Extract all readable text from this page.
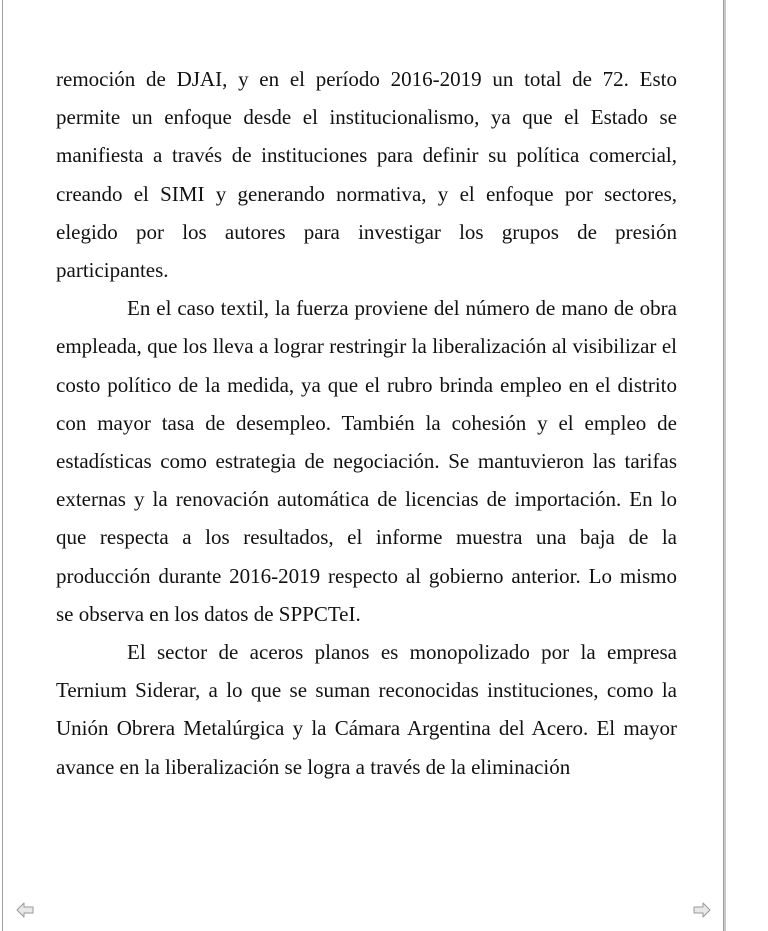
remoción de DJAI, y en el período 2016-2019 un total de 72. Esto permite un enfoque desde el institucionalismo, ya que el Estado se manifiesta a través de instituciones para definir su política comercial, creando el SIMI y generando normativa, y el enfoque por sectores, elegido por los autores para investigar los grupos de presión participantes.

En el caso textil, la fuerza proviene del número de mano de obra empleada, que los lleva a lograr restringir la liberalización al visibilizar el costo político de la medida, ya que el rubro brinda empleo en el distrito con mayor tasa de desempleo. También la cohesión y el empleo de estadísticas como estrategia de negociación. Se mantuvieron las tarifas externas y la renovación automática de licencias de importación. En lo que respecta a los resultados, el informe muestra una baja de la producción durante 2016-2019 respecto al gobierno anterior. Lo mismo se observa en los datos de SPPCTeI.

El sector de aceros planos es monopolizado por la empresa Ternium Siderar, a lo que se suman reconocidas instituciones, como la Unión Obrera Metalúrgica y la Cámara Argentina del Acero. El mayor avance en la liberalización se logra a través de la eliminación
